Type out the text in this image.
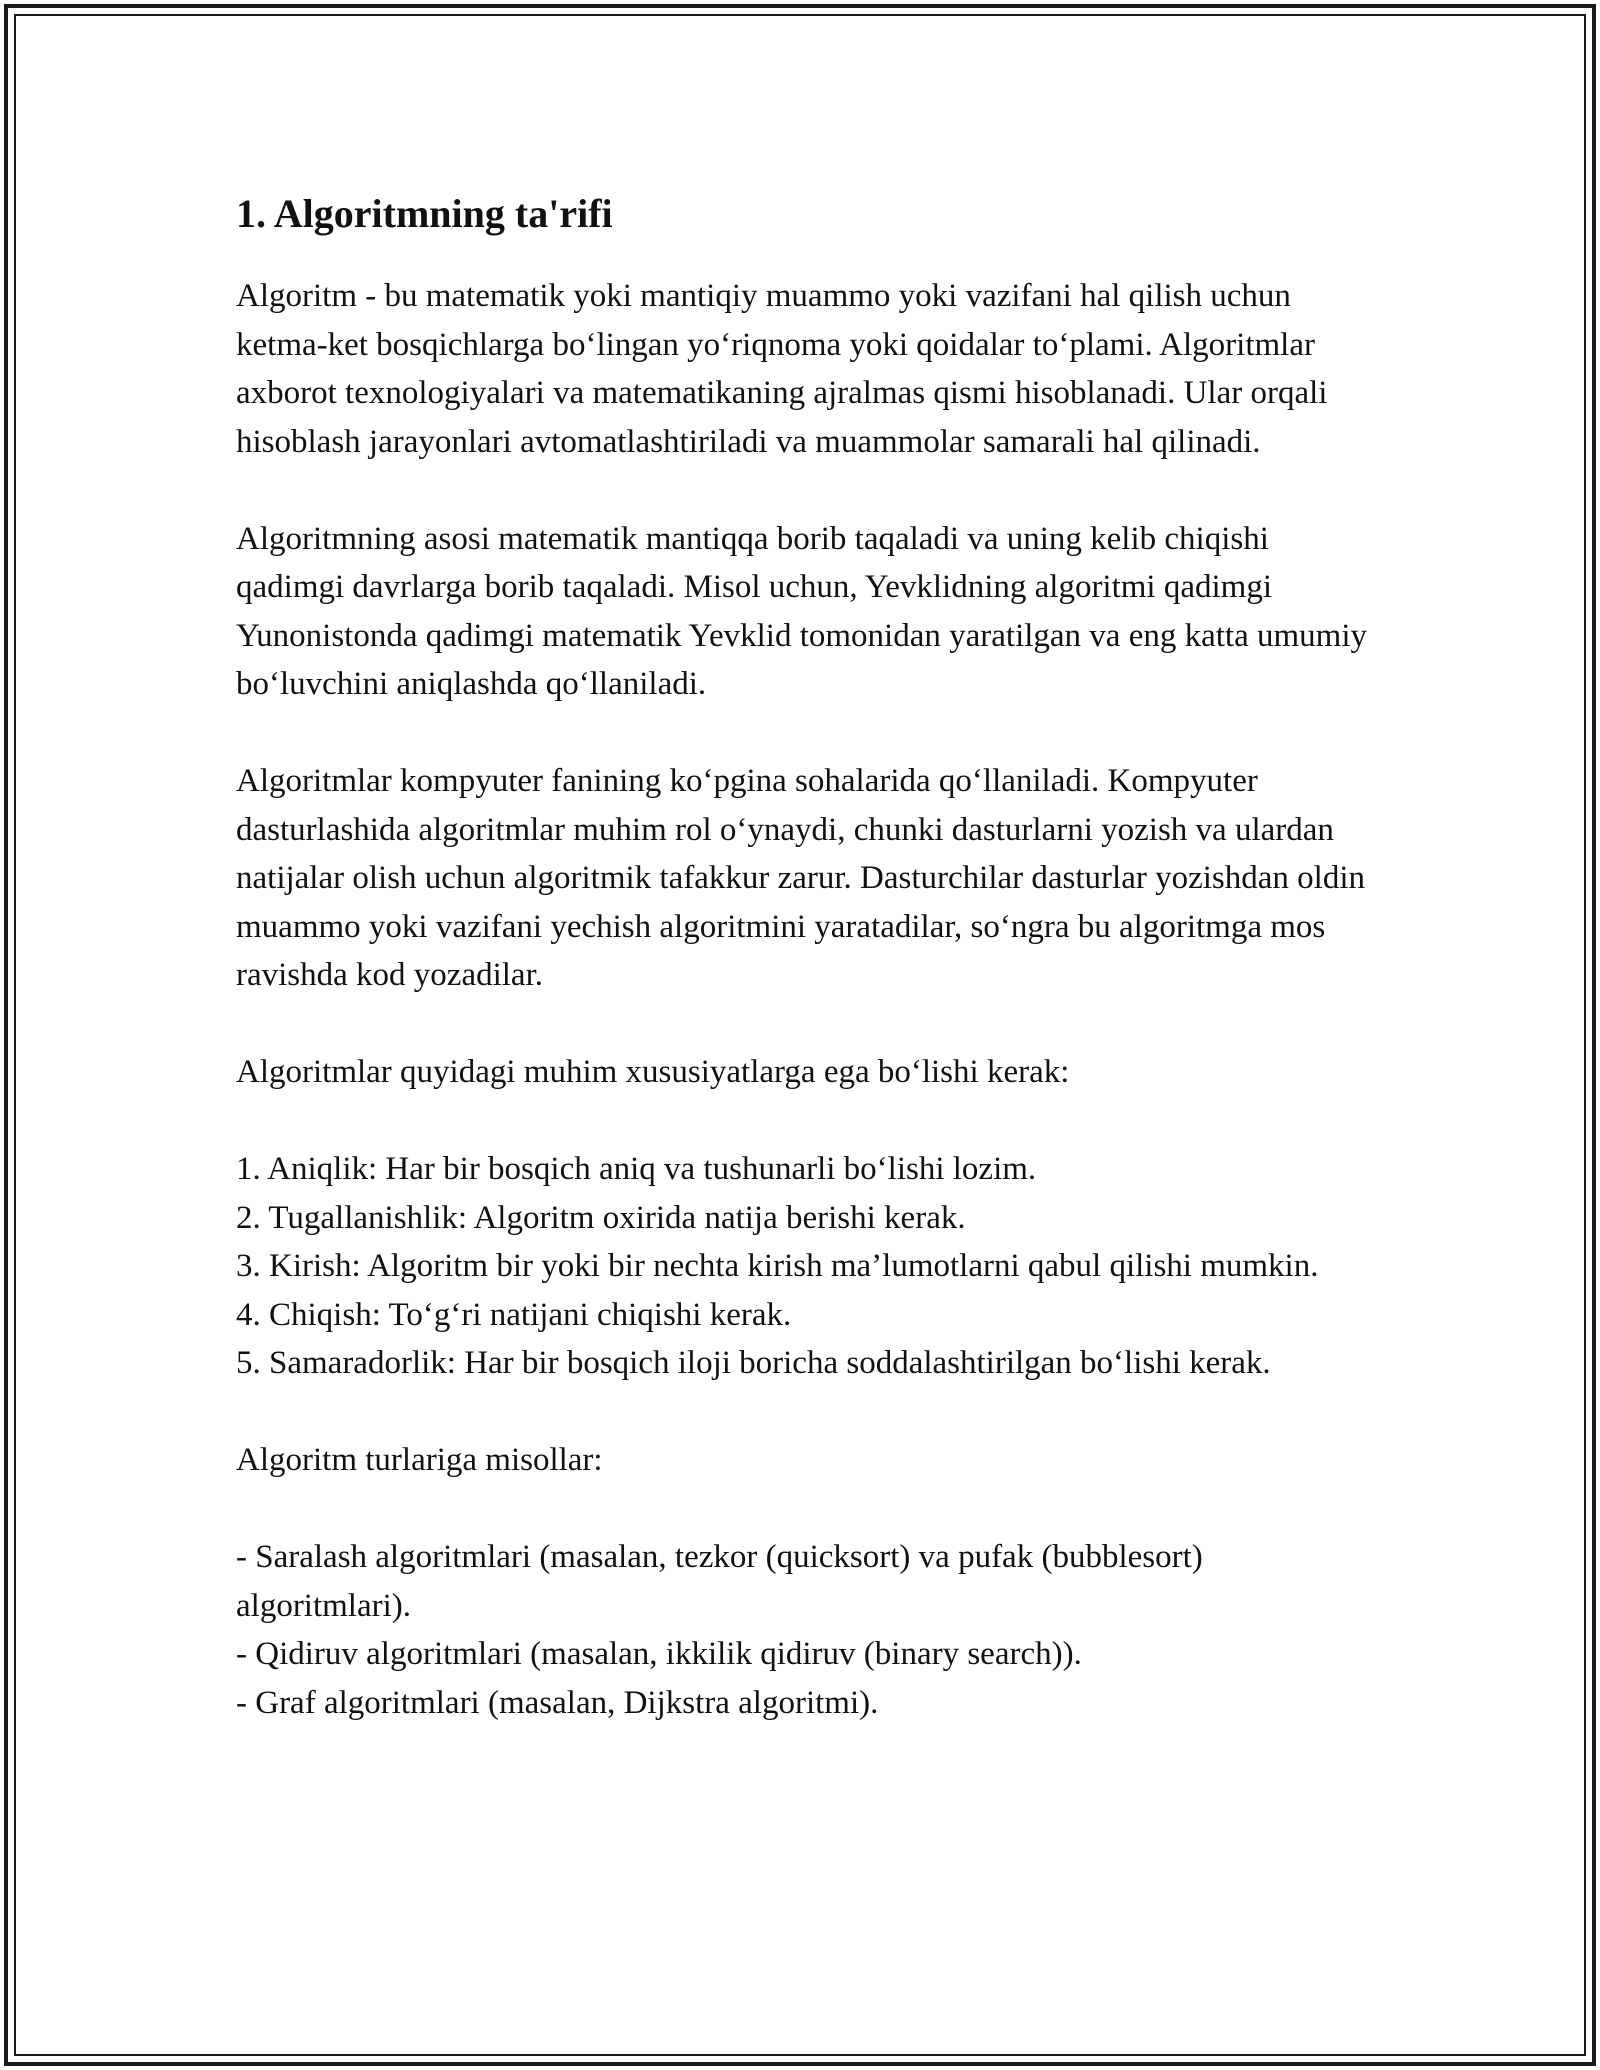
1. Algoritmning ta'rifi

Algoritm - bu matematik yoki mantiqiy muammo yoki vazifani hal qilish uchun ketma-ket bosqichlarga bo‘lingan yo‘riqnoma yoki qoidalar to‘plami. Algoritmlar axborot texnologiyalari va matematikaning ajralmas qismi hisoblanadi. Ular orqali hisoblash jarayonlari avtomatlashtiriladi va muammolar samarali hal qilinadi.

Algoritmning asosi matematik mantiqqa borib taqaladi va uning kelib chiqishi qadimgi davrlarga borib taqaladi. Misol uchun, Yevklidning algoritmi qadimgi Yunonistonda qadimgi matematik Yevklid tomonidan yaratilgan va eng katta umumiy bo‘luvchini aniqlashda qo‘llaniladi.

Algoritmlar kompyuter fanining ko‘pgina sohalarida qo‘llaniladi. Kompyuter dasturlashida algoritmlar muhim rol o‘ynaydi, chunki dasturlarni yozish va ulardan natijalar olish uchun algoritmik tafakkur zarur. Dasturchilar dasturlar yozishdan oldin muammo yoki vazifani yechish algoritmini yaratadilar, so‘ngra bu algoritmga mos ravishda kod yozadilar.

Algoritmlar quyidagi muhim xususiyatlarga ega bo‘lishi kerak:

1. Aniqlik: Har bir bosqich aniq va tushunarli bo‘lishi lozim.

2. Tugallanishlik: Algoritm oxirida natija berishi kerak.

3. Kirish: Algoritm bir yoki bir nechta kirish ma’lumotlarni qabul qilishi mumkin.

4. Chiqish: To‘g‘ri natijani chiqishi kerak.

5. Samaradorlik: Har bir bosqich iloji boricha soddalashtirilgan bo‘lishi kerak.

Algoritm turlariga misollar:

- Saralash algoritmlari (masalan, tezkor (quicksort) va pufak (bubblesort) algoritmlari).

- Qidiruv algoritmlari (masalan, ikkilik qidiruv (binary search)).

- Graf algoritmlari (masalan, Dijkstra algoritmi).
